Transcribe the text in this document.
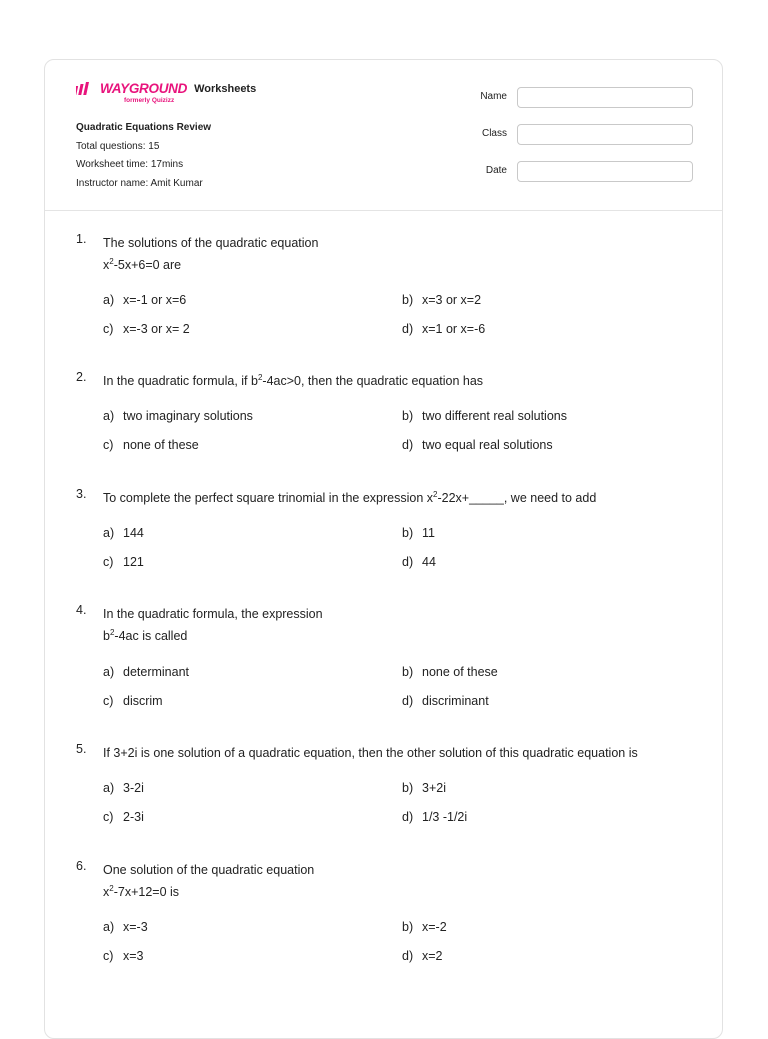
WAYGROUND Worksheets
formerly Quizizz
Quadratic Equations Review
Total questions: 15
Worksheet time: 17mins
Instructor name: Amit Kumar
Name
Class
Date
1. The solutions of the quadratic equation
$x^2-5x+6=0$ are
a) x=-1 or x=6	b) x=3 or x=2
c) x=-3 or x= 2	d) x=1 or x=-6
2. In the quadratic formula, if $b^2-4ac>0$, then the quadratic equation has
a) two imaginary solutions	b) two different real solutions
c) none of these	d) two equal real solutions
3. To complete the perfect square trinomial in the expression $x^2-22x+\_\_\_\_\_$, we need to add
a) 144	b) 11
c) 121	d) 44
4. In the quadratic formula, the expression
$b^2-4ac$ is called
a) determinant	b) none of these
c) discrim	d) discriminant
5. If 3+2i is one solution of a quadratic equation, then the other solution of this quadratic equation is
a) 3-2i	b) 3+2i
c) 2-3i	d) 1/3 -1/2i
6. One solution of the quadratic equation
$x^2-7x+12=0$ is
a) x=-3	b) x=-2
c) x=3	d) x=2
